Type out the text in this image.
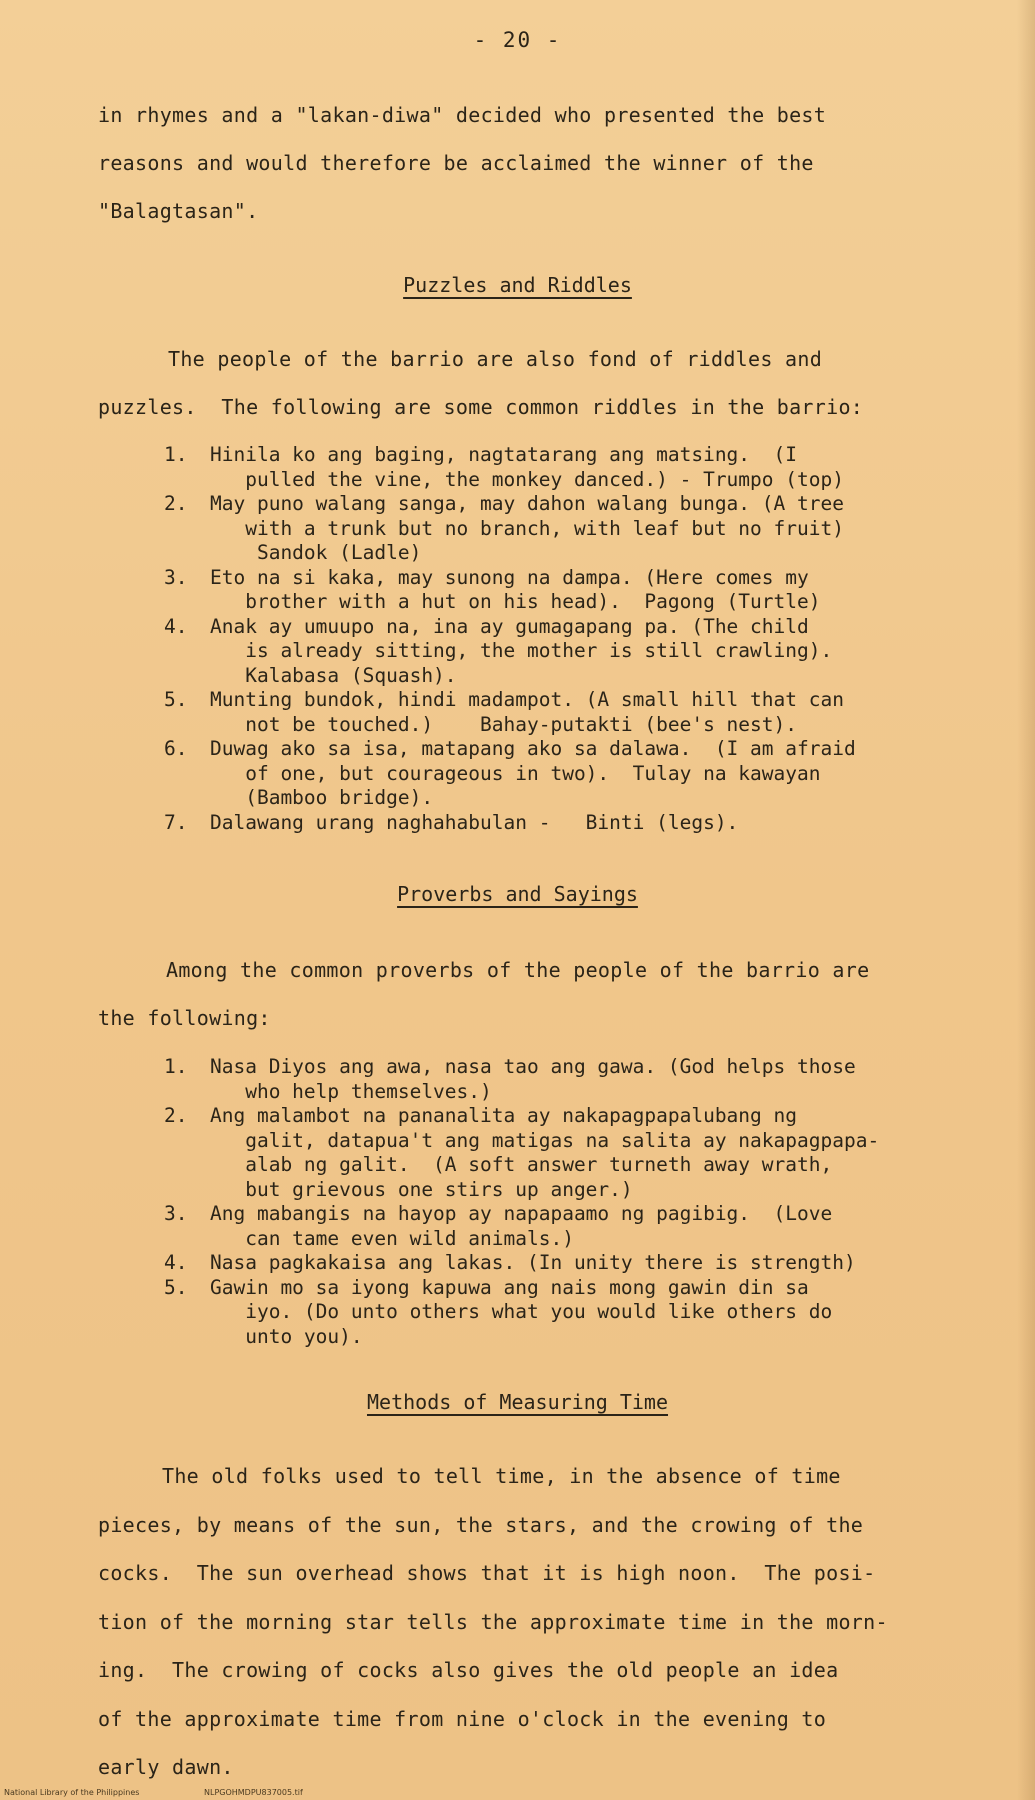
- 20 -
in rhymes and a "lakan-diwa" decided who presented the best
reasons and would therefore be acclaimed the winner of the
"Balagtasan".
Puzzles and Riddles
The people of the barrio are also fond of riddles and
puzzles.  The following are some common riddles in the barrio:
1. Hinila ko ang baging, nagtatarang ang matsing.  (I
pulled the vine, the monkey danced.) - Trumpo (top)
2. May puno walang sanga, may dahon walang bunga. (A tree
with a trunk but no branch, with leaf but no fruit)
Sandok (Ladle)
3. Eto na si kaka, may sunong na dampa. (Here comes my
brother with a hut on his head).  Pagong (Turtle)
4. Anak ay umuupo na, ina ay gumagapang pa. (The child
is already sitting, the mother is still crawling).
Kalabasa (Squash).
5. Munting bundok, hindi madampot. (A small hill that can
not be touched.)    Bahay-putakti (bee's nest).
6. Duwag ako sa isa, matapang ako sa dalawa.  (I am afraid
of one, but courageous in two).  Tulay na kawayan
(Bamboo bridge).
7. Dalawang urang naghahabulan -   Binti (legs).
Proverbs and Sayings
Among the common proverbs of the people of the barrio are
the following:
1. Nasa Diyos ang awa, nasa tao ang gawa. (God helps those
who help themselves.)
2. Ang malambot na pananalita ay nakapagpapalubang ng
galit, datapua't ang matigas na salita ay nakapagpapa-
alab ng galit.  (A soft answer turneth away wrath,
but grievous one stirs up anger.)
3. Ang mabangis na hayop ay napapaamo ng pagibig.  (Love
can tame even wild animals.)
4. Nasa pagkakaisa ang lakas. (In unity there is strength)
5. Gawin mo sa iyong kapuwa ang nais mong gawin din sa
iyo. (Do unto others what you would like others do
unto you).
Methods of Measuring Time
The old folks used to tell time, in the absence of time
pieces, by means of the sun, the stars, and the crowing of the
cocks.  The sun overhead shows that it is high noon.  The posi-
tion of the morning star tells the approximate time in the morn-
ing.  The crowing of cocks also gives the old people an idea
of the approximate time from nine o'clock in the evening to
early dawn.
National Library of the Philippines	NLPGOHMDPU837005.tif
